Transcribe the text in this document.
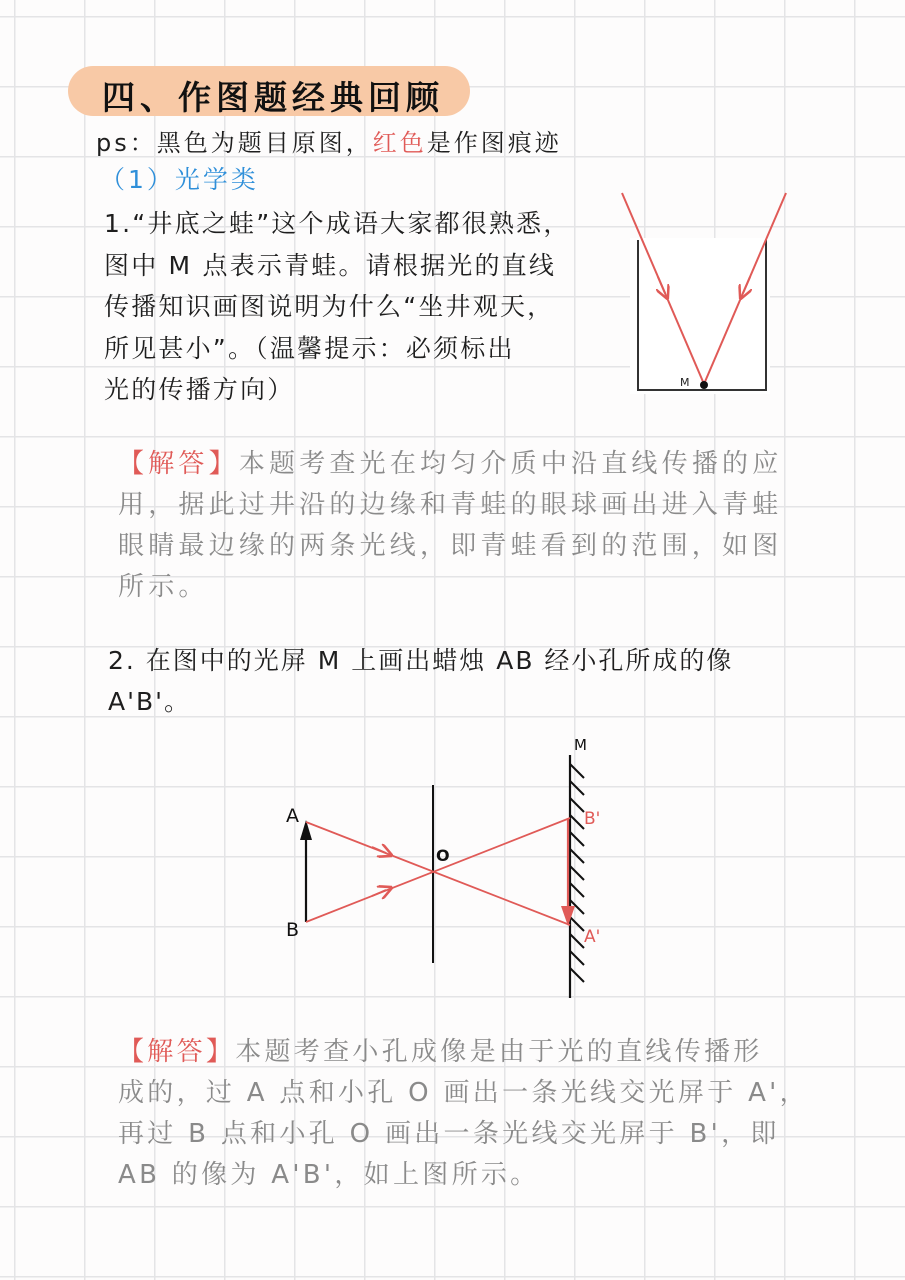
四、作图题经典回顾
ps：黑色为题目原图，红色是作图痕迹
（1）光学类

1.“井底之蛙”这个成语大家都很熟悉，

图中 M 点表示青蛙。请根据光的直线

传播知识画图说明为什么“坐井观天，

所见甚小”。（温馨提示：必须标出

光的传播方向）	M

【解答】本题考查光在均匀介质中沿直线传播的应

用，据此过井沿的边缘和青蛙的眼球画出进入青蛙

眼睛最边缘的两条光线，即青蛙看到的范围，如图

所示。

2. 在图中的光屏 M 上画出蜡烛 AB 经小孔所成的像

A'B'。

A
B
O
M
B'
A'

【解答】本题考查小孔成像是由于光的直线传播形

成的，过 A 点和小孔 O 画出一条光线交光屏于 A'，

再过 B 点和小孔 O 画出一条光线交光屏于 B'，即

AB 的像为 A'B'，如上图所示。
